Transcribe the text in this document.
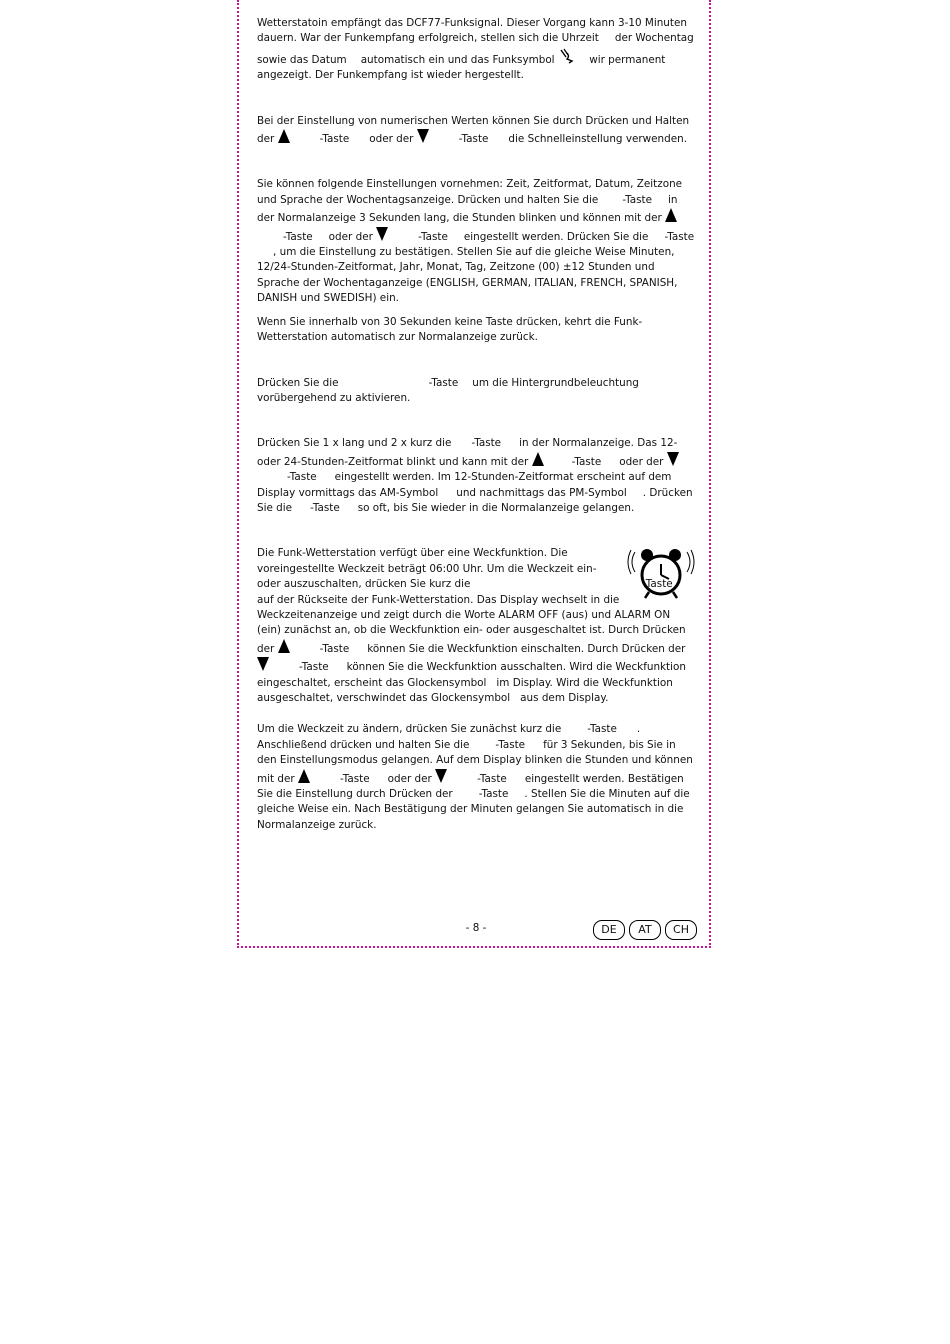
Wetterstatoin empfängt das DCF77-Funksignal. Dieser Vorgang kann 3-10 Minuten dauern. War der Funkempfang erfolgreich, stellen sich die Uhrzeit der Wochentag sowie das Datum automatisch ein und das Funksymbol	wir permanent angezeigt. Der Funkempfang ist wieder hergestellt.

Bei der Einstellung von numerischen Werten können Sie durch Drücken und Halten der	-Taste oder der	-Taste die Schnelleinstellung verwenden.

Sie können folgende Einstellungen vornehmen: Zeit, Zeitformat, Datum, Zeitzone und Sprache der Wochentagsanzeige. Drücken und halten Sie die -Taste in der Normalanzeige 3 Sekunden lang, die Stunden blinken und können mit der -Taste oder der	-Taste eingestellt werden. Drücken Sie die -Taste, um die Einstellung zu bestätigen. Stellen Sie auf die gleiche Weise Minuten, 12/24-Stunden-Zeitformat, Jahr, Monat, Tag, Zeitzone (00) ±12 Stunden und Sprache der Wochentaganzeige (ENGLISH, GERMAN, ITALIAN, FRENCH, SPANISH, DANISH und SWEDISH) ein.

Wenn Sie innerhalb von 30 Sekunden keine Taste drücken, kehrt die Funk-Wetterstation automatisch zur Normalanzeige zurück.

Drücken Sie die	-Taste um die Hintergrundbeleuchtung vorübergehend zu aktivieren.

Drücken Sie 1 x lang und 2 x kurz die -Taste in der Normalanzeige. Das 12- oder 24-Stunden-Zeitformat blinkt und kann mit der	-Taste oder der -Taste eingestellt werden. Im 12-Stunden-Zeitformat erscheint auf dem Display vormittags das AM-Symbol und nachmittags das PM-Symbol . Drücken Sie die -Taste so oft, bis Sie wieder in die Normalanzeige gelangen.

Die Funk-Wetterstation verfügt über eine Weckfunktion. Die voreingestellte Weckzeit beträgt 06:00 Uhr. Um die Weckzeit ein- oder auszuschalten, drücken Sie kurz die	-Tasteauf der Rückseite der Funk-Wetterstation. Das Display wechselt in die Weckzeitenanzeige und zeigt durch die Worte ALARM OFF (aus) und ALARM ON (ein) zunächst an, ob die Weckfunktion ein- oder ausgeschaltet ist. Durch Drücken der	-Taste können Sie die Weckfunktion einschalten. Durch Drücken der -Taste können Sie die Weckfunktion ausschalten. Wird die Weckfunktion eingeschaltet, erscheint das Glockensymbol im Display. Wird die Weckfunktion ausgeschaltet, verschwindet das Glockensymbol aus dem Display.

Um die Weckzeit zu ändern, drücken Sie zunächst kurz die	-Taste . Anschließend drücken und halten Sie die	-Taste für 3 Sekunden, bis Sie in den Einstellungsmodus gelangen. Auf dem Display blinken die Stunden und können mit der	-Taste oder der	-Taste eingestellt werden. Bestätigen Sie die Einstellung durch Drücken der	-Taste . Stellen Sie die Minuten auf die gleiche Weise ein. Nach Bestätigung der Minuten gelangen Sie automatisch in die Normalanzeige zurück.

- 8 -	DE	AT	CH
